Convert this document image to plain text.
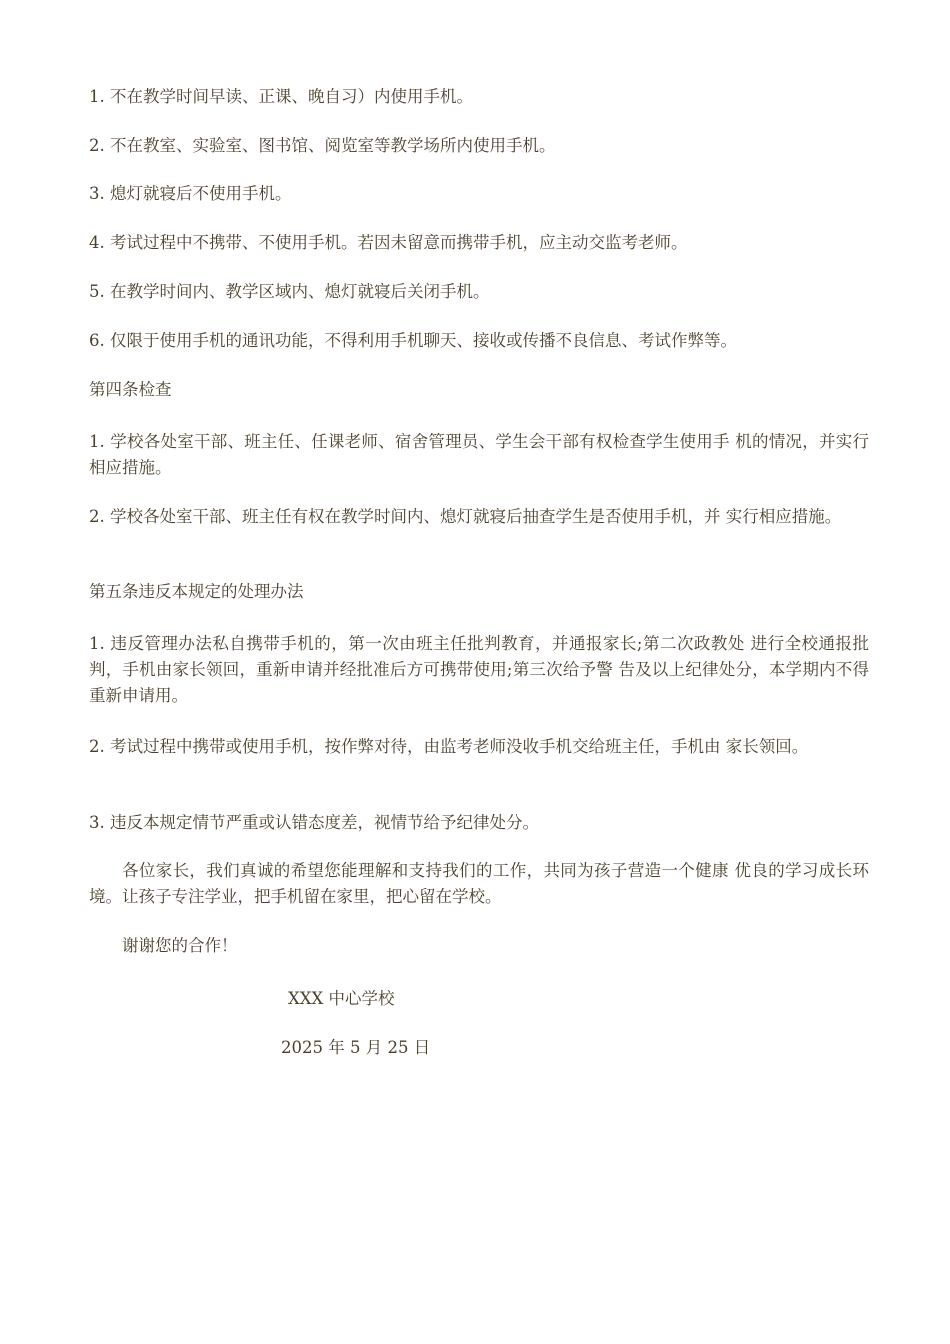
1. 不在教学时间早读、正课、晚自习）内使用手机。

2. 不在教室、实验室、图书馆、阅览室等教学场所内使用手机。

3. 熄灯就寝后不使用手机。

4. 考试过程中不携带、不使用手机。若因未留意而携带手机，应主动交监考老师。

5. 在教学时间内、教学区域内、熄灯就寝后关闭手机。

6. 仅限于使用手机的通讯功能，不得利用手机聊天、接收或传播不良信息、考试作弊等。

第四条检查

1. 学校各处室干部、班主任、任课老师、宿舍管理员、学生会干部有权检查学生使用手 机的情况，并实行相应措施。

2. 学校各处室干部、班主任有权在教学时间内、熄灯就寝后抽查学生是否使用手机，并 实行相应措施。

第五条违反本规定的处理办法

1. 违反管理办法私自携带手机的，第一次由班主任批判教育，并通报家长;第二次政教处 进行全校通报批判，手机由家长领回，重新申请并经批准后方可携带使用;第三次给予警 告及以上纪律处分，本学期内不得重新申请用。

2. 考试过程中携带或使用手机，按作弊对待，由监考老师没收手机交给班主任，手机由 家长领回。

3. 违反本规定情节严重或认错态度差，视情节给予纪律处分。

各位家长，我们真诚的希望您能理解和支持我们的工作，共同为孩子营造一个健康 优良的学习成长环境。让孩子专注学业，把手机留在家里，把心留在学校。

谢谢您的合作！

XXX 中心学校

2025 年 5 月 25 日
